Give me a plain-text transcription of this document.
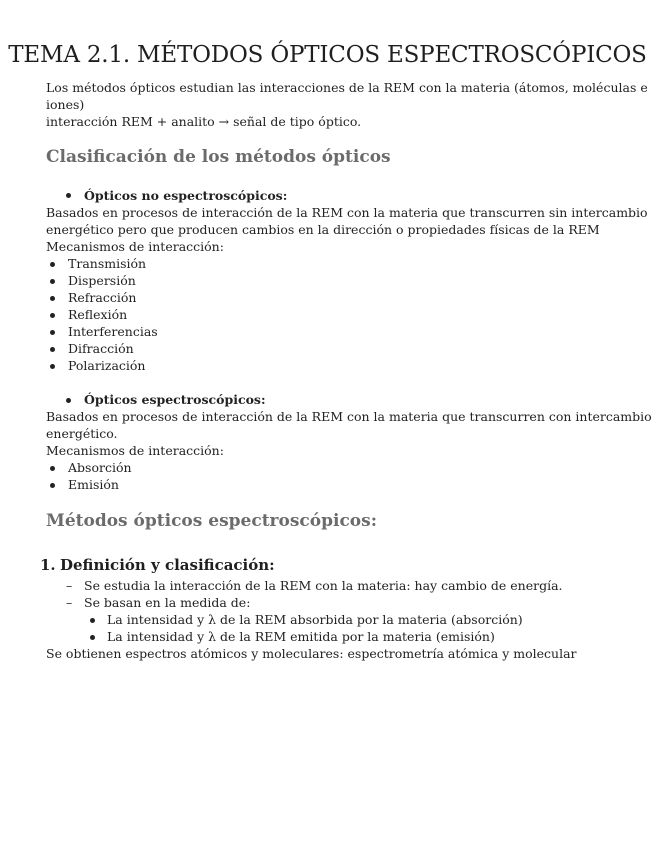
TEMA 2.1. MÉTODOS ÓPTICOS ESPECTROSCÓPICOS
Los métodos ópticos estudian las interacciones de la REM con la materia (átomos, moléculas e
iones)
interacción REM + analito → señal de tipo óptico.
Clasificación de los métodos ópticos
Ópticos no espectroscópicos:
Basados en procesos de interacción de la REM con la materia que transcurren sin intercambio
energético pero que producen cambios en la dirección o propiedades físicas de la REM
Mecanismos de interacción:
Transmisión
Dispersión
Refracción
Reflexión
Interferencias
Difracción
Polarización
Ópticos espectroscópicos:
Basados en procesos de interacción de la REM con la materia que transcurren con intercambio
energético.
Mecanismos de interacción:
Absorción
Emisión
Métodos ópticos espectroscópicos:
1. Definición y clasificación:
– Se estudia la interacción de la REM con la materia: hay cambio de energía.
– Se basan en la medida de:
La intensidad y λ de la REM absorbida por la materia (absorción)
La intensidad y λ de la REM emitida por la materia (emisión)
Se obtienen espectros atómicos y moleculares: espectrometría atómica y molecular
